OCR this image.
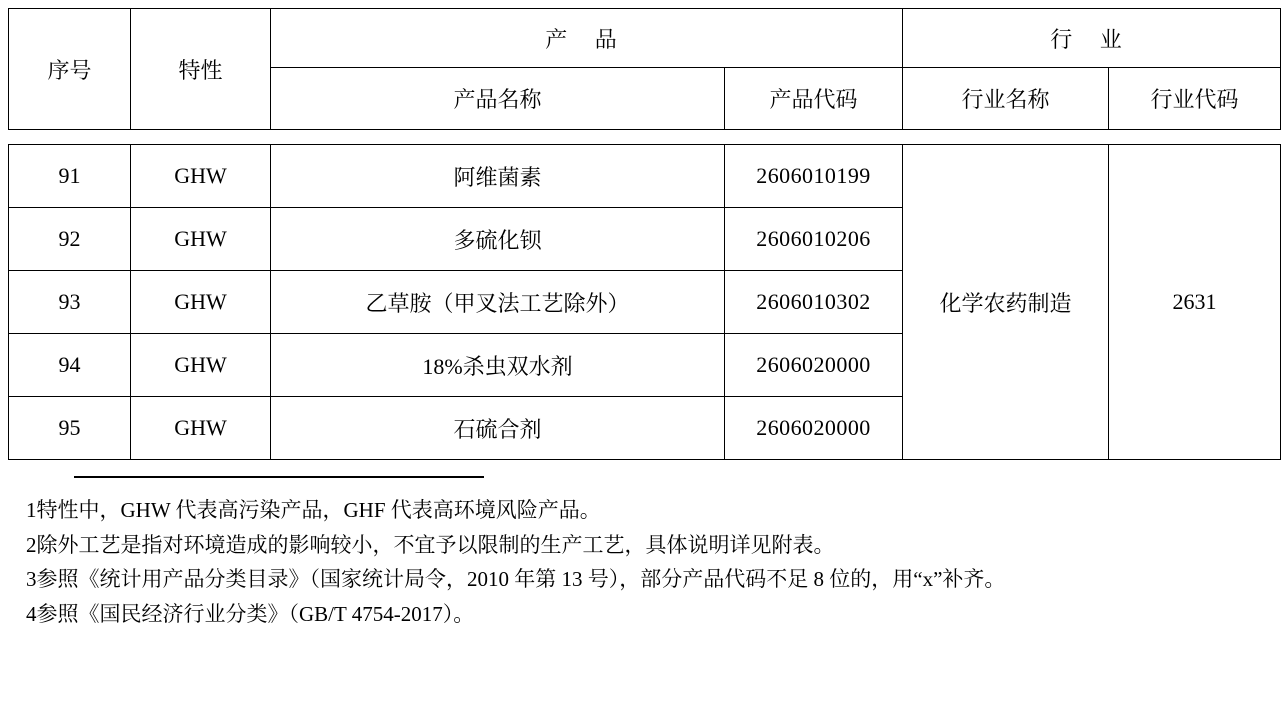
序号	特性	产 品		行 业	
		产品名称	产品代码	行业名称	行业代码
91	GHW	阿维菌素	2606010199	化学农药制造	2631
92	GHW	多硫化钡	2606010206		
93	GHW	乙草胺（甲叉法工艺除外）	2606010302		
94	GHW	18%杀虫双水剂	2606020000		
95	GHW	石硫合剂	2606020000		

1特性中，GHW 代表高污染产品，GHF 代表高环境风险产品。

2除外工艺是指对环境造成的影响较小，不宜予以限制的生产工艺，具体说明详见附表。

3参照《统计用产品分类目录》（国家统计局令，2010 年第 13 号），部分产品代码不足 8 位的，用“x”补齐。

4参照《国民经济行业分类》（GB/T 4754-2017）。
